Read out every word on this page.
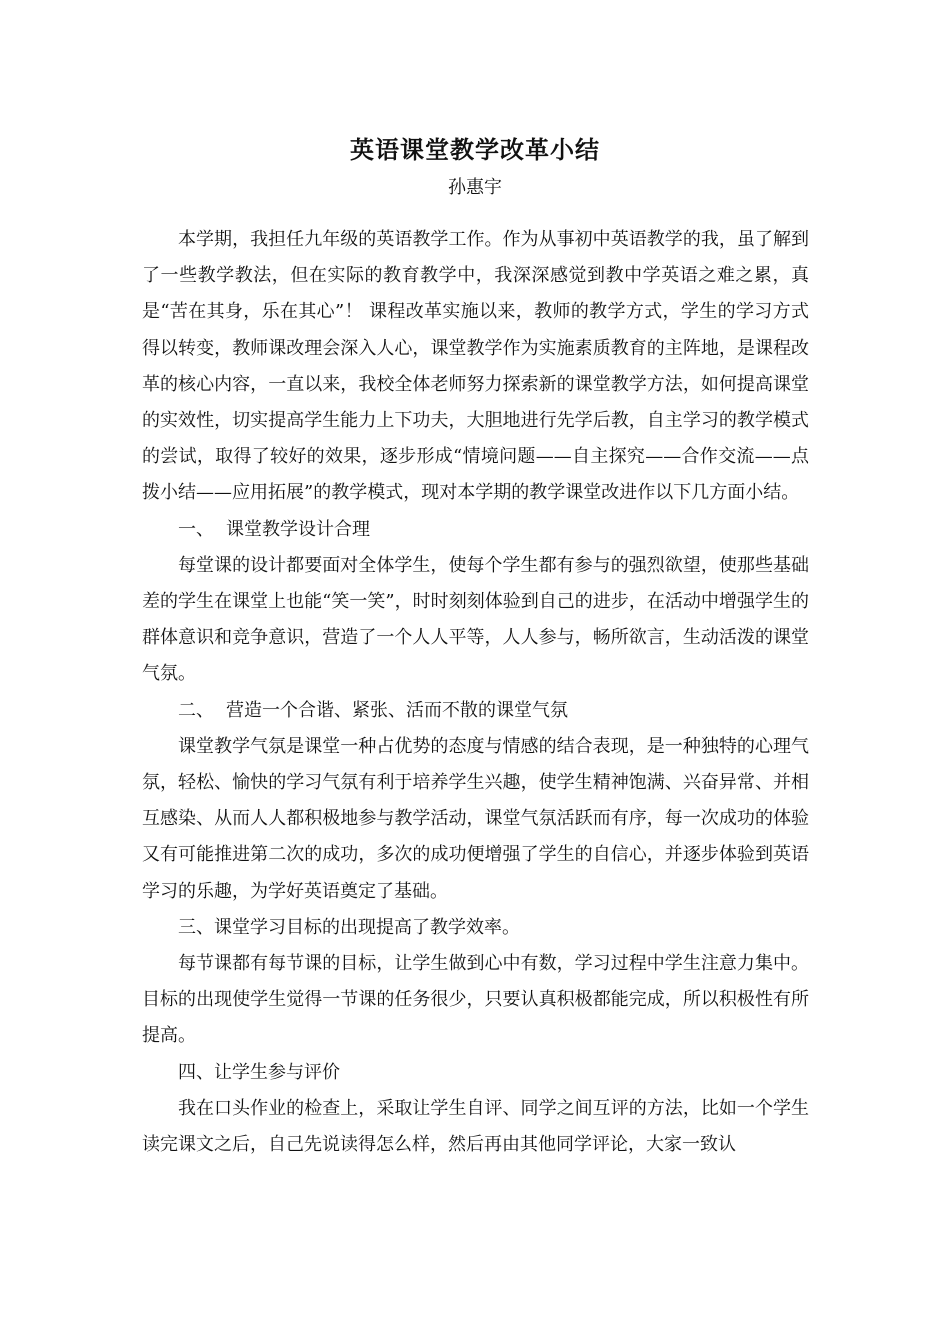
英语课堂教学改革小结
孙惠宇

本学期，我担任九年级的英语教学工作。作为从事初中英语教学的我，虽了解到了一些教学教法，但在实际的教育教学中，我深深感觉到教中学英语之难之累，真是“苦在其身，乐在其心”！ 课程改革实施以来，教师的教学方式，学生的学习方式得以转变，教师课改理会深入人心，课堂教学作为实施素质教育的主阵地，是课程改革的核心内容，一直以来，我校全体老师努力探索新的课堂教学方法，如何提高课堂的实效性，切实提高学生能力上下功夫，大胆地进行先学后教，自主学习的教学模式的尝试，取得了较好的效果，逐步形成“情境问题——自主探究——合作交流——点拨小结——应用拓展”的教学模式，现对本学期的教学课堂改进作以下几方面小结。

一、 课堂教学设计合理

每堂课的设计都要面对全体学生，使每个学生都有参与的强烈欲望，使那些基础差的学生在课堂上也能“笑一笑”，时时刻刻体验到自己的进步，在活动中增强学生的群体意识和竞争意识，营造了一个人人平等，人人参与，畅所欲言，生动活泼的课堂气氛。

二、 营造一个合谐、紧张、活而不散的课堂气氛

课堂教学气氛是课堂一种占优势的态度与情感的结合表现，是一种独特的心理气氛，轻松、愉快的学习气氛有利于培养学生兴趣，使学生精神饱满、兴奋异常、并相互感染、从而人人都积极地参与教学活动，课堂气氛活跃而有序，每一次成功的体验又有可能推进第二次的成功，多次的成功便增强了学生的自信心，并逐步体验到英语学习的乐趣，为学好英语奠定了基础。

三、课堂学习目标的出现提高了教学效率。

每节课都有每节课的目标，让学生做到心中有数，学习过程中学生注意力集中。目标的出现使学生觉得一节课的任务很少，只要认真积极都能完成，所以积极性有所提高。

四、让学生参与评价

我在口头作业的检查上，采取让学生自评、同学之间互评的方法，比如一个学生读完课文之后，自己先说读得怎么样，然后再由其他同学评论，大家一致认
